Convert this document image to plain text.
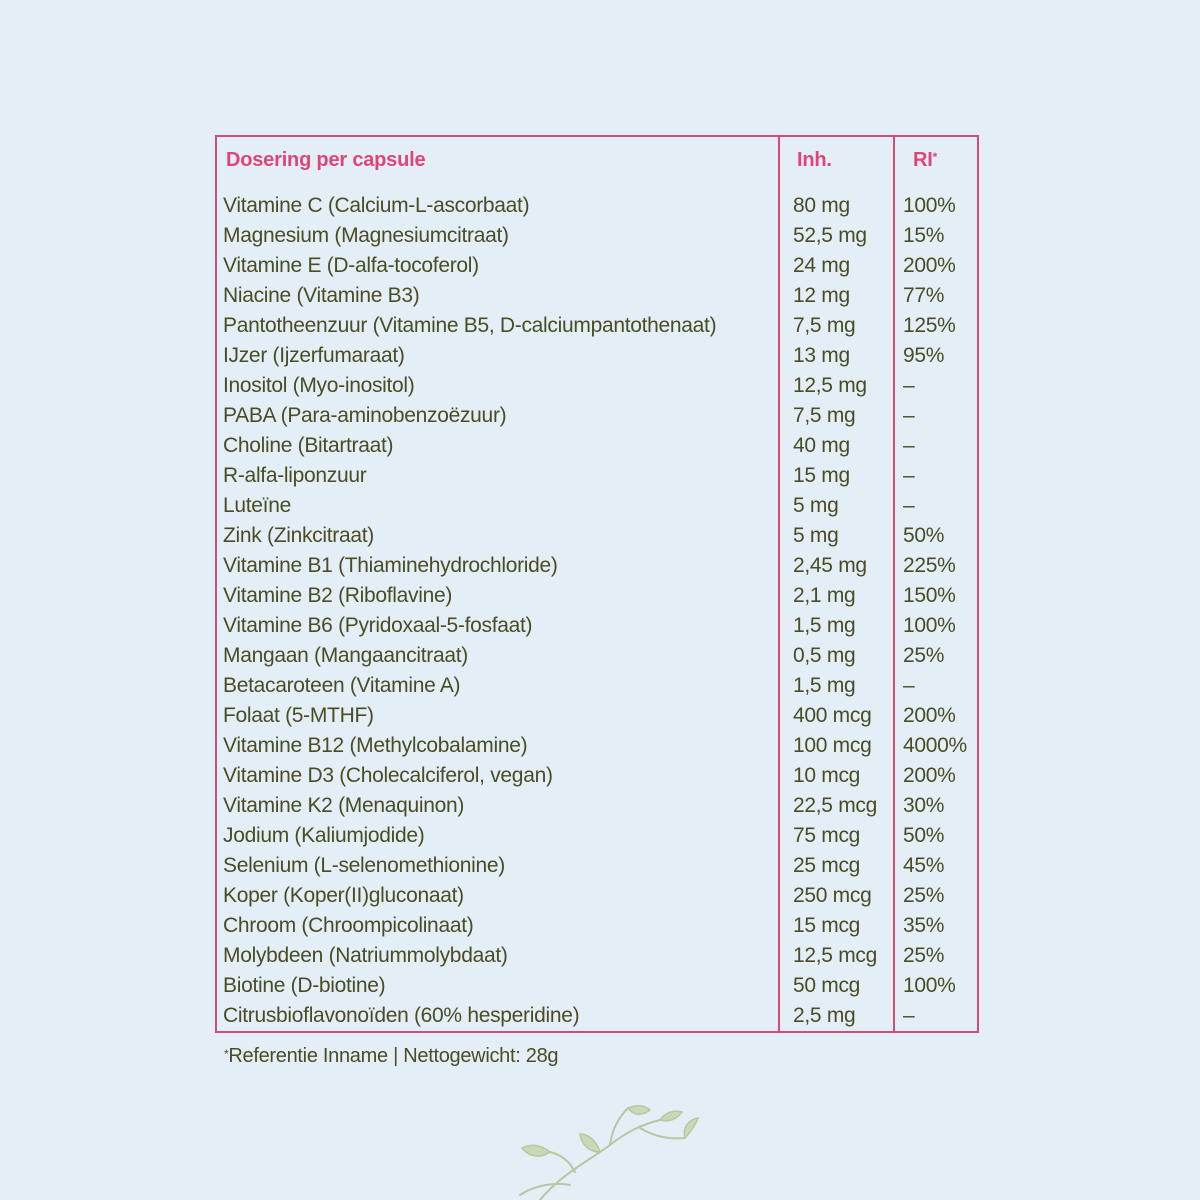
Dosering per capsule	Inh.	RI*
Vitamine C (Calcium-L-ascorbaat)	80 mg	100%
Magnesium (Magnesiumcitraat)	52,5 mg 15%
Vitamine E (D-alfa-tocoferol)	24 mg	200%
Niacine (Vitamine B3)	12 mg	77%
Pantotheenzuur (Vitamine B5, D-calciumpantothenaat)	7,5 mg 125%
IJzer (Ijzerfumaraat)	13 mg	95%
Inositol (Myo-inositol)	12,5 mg –
PABA (Para-aminobenzoëzuur)	7,5 mg –
Choline (Bitartraat)	40 mg	–
R-alfa-liponzuur	15 mg	–
Luteïne	5 mg	–
Zink (Zinkcitraat)	5 mg	50%
Vitamine B1 (Thiaminehydrochloride)	2,45 mg 225%
Vitamine B2 (Riboflavine)	2,1 mg 150%
Vitamine B6 (Pyridoxaal-5-fosfaat)	1,5 mg 100%
Mangaan (Mangaancitraat)	0,5 mg 25%
Betacaroteen (Vitamine A)	1,5 mg –
Folaat (5-MTHF)	400 mcg 200%
Vitamine B12 (Methylcobalamine)	100 mcg 4000%
Vitamine D3 (Cholecalciferol, vegan)	10 mcg 200%
Vitamine K2 (Menaquinon)	22,5 mcg 30%
Jodium (Kaliumjodide)	75 mcg 50%
Selenium (L-selenomethionine)	25 mcg 45%
Koper (Koper(II)gluconaat)	250 mcg 25%
Chroom (Chroompicolinaat)	15 mcg 35%
Molybdeen (Natriummolybdaat)	12,5 mcg 25%
Biotine (D-biotine)	50 mcg 100%
Citrusbioflavonoïden (60% hesperidine)	2,5 mg –
*Referentie Inname | Nettogewicht: 28g
